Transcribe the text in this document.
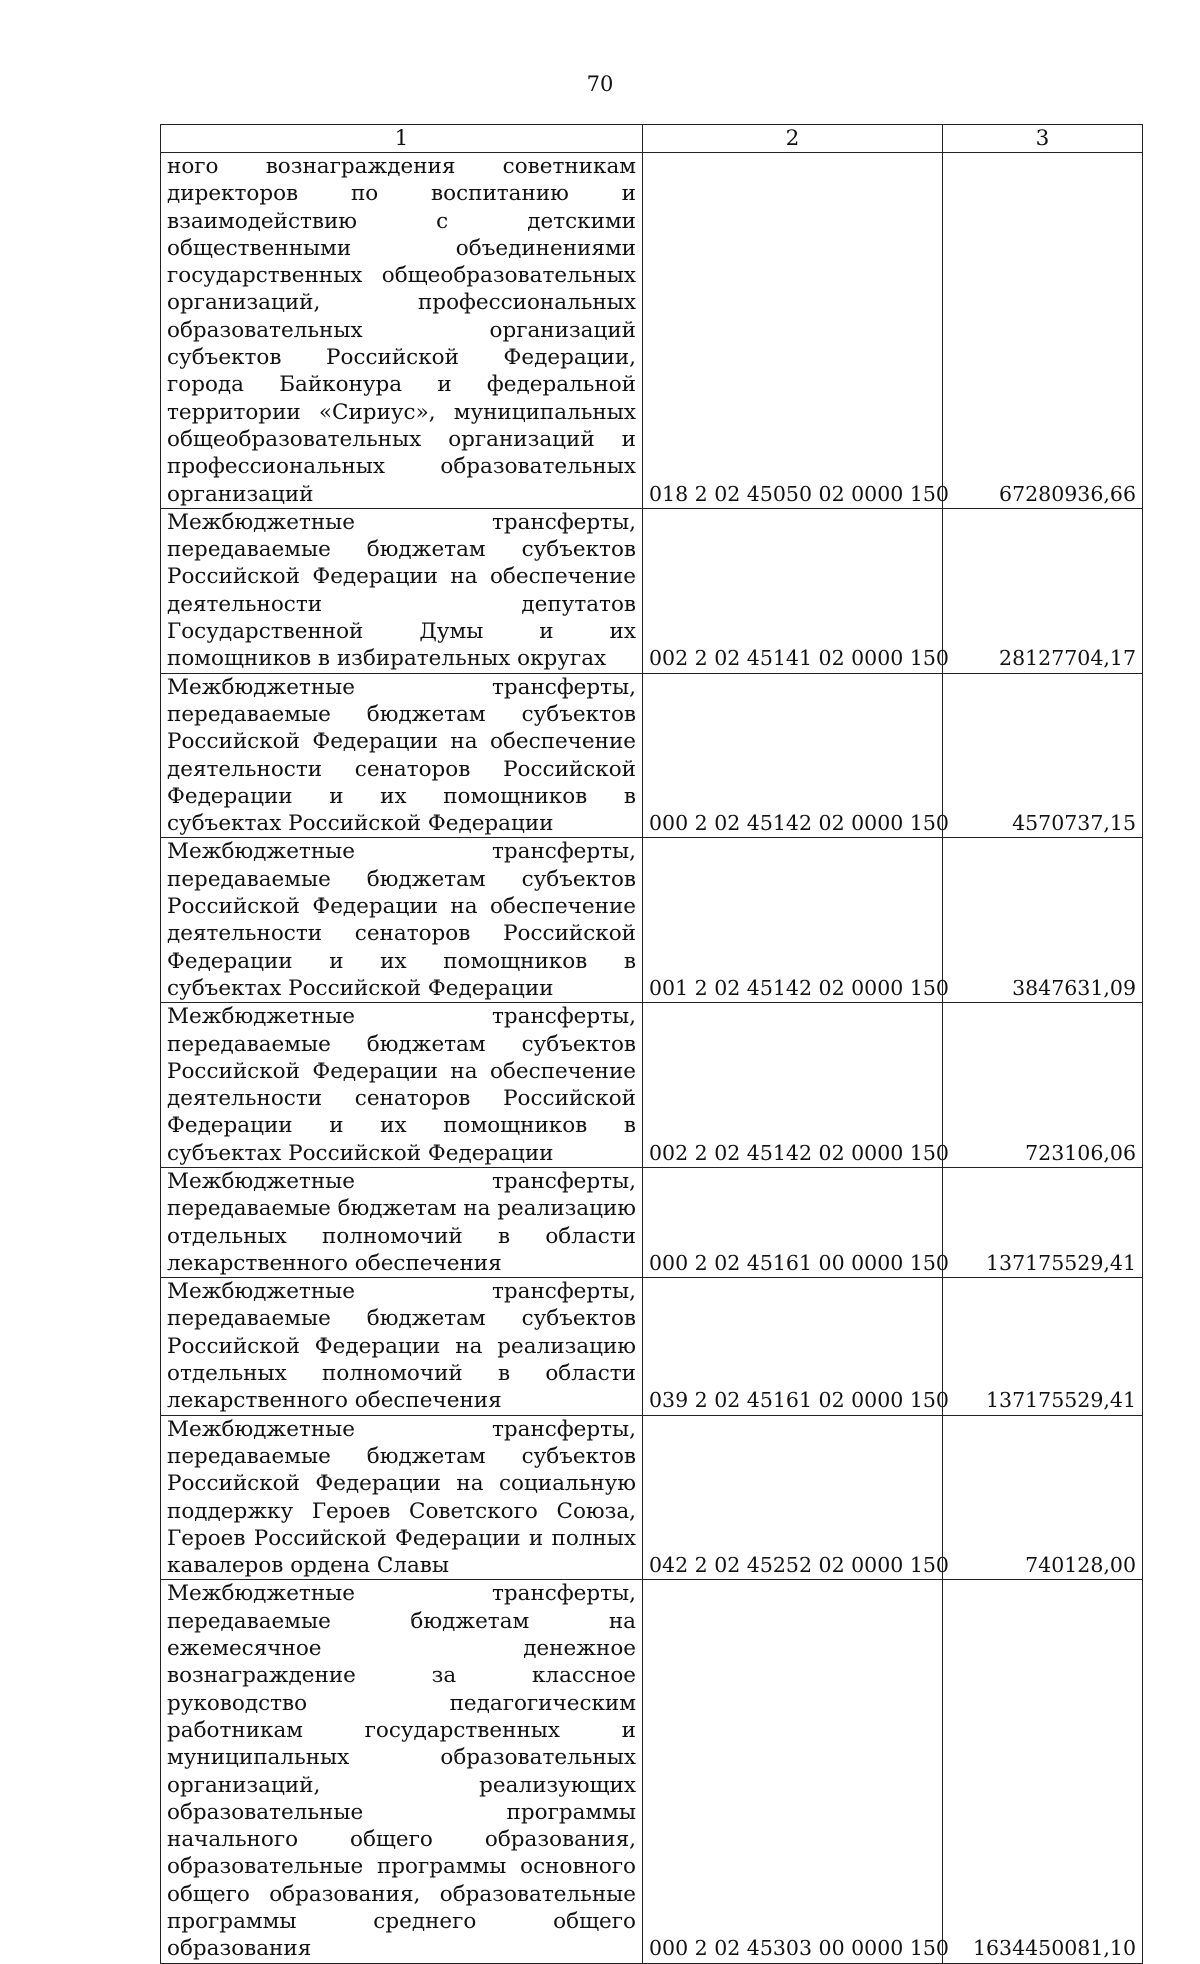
70
1	2	3
ного вознаграждения советникам директоров по воспитанию и взаимодействию с детскими общественными объединениями государственных общеобразовательных организаций, профессиональных образовательных организаций субъектов Российской Федерации, города Байконура и федеральной территории «Сириус», муниципальных общеобразовательных организаций и профессиональных образовательных организаций	018 2 02 45050 02 0000 150	67280936,66
Межбюджетные трансферты, передаваемые бюджетам субъектов Российской Федерации на обеспечение деятельности депутатов Государственной Думы и их помощников в избирательных округах	002 2 02 45141 02 0000 150	28127704,17
Межбюджетные трансферты, передаваемые бюджетам субъектов Российской Федерации на обеспечение деятельности сенаторов Российской Федерации и их помощников в субъектах Российской Федерации	000 2 02 45142 02 0000 150	4570737,15
Межбюджетные трансферты, передаваемые бюджетам субъектов Российской Федерации на обеспечение деятельности сенаторов Российской Федерации и их помощников в субъектах Российской Федерации	001 2 02 45142 02 0000 150	3847631,09
Межбюджетные трансферты, передаваемые бюджетам субъектов Российской Федерации на обеспечение деятельности сенаторов Российской Федерации и их помощников в субъектах Российской Федерации	002 2 02 45142 02 0000 150	723106,06
Межбюджетные трансферты, передаваемые бюджетам на реализацию отдельных полномочий в области лекарственного обеспечения	000 2 02 45161 00 0000 150	137175529,41
Межбюджетные трансферты, передаваемые бюджетам субъектов Российской Федерации на реализацию отдельных полномочий в области лекарственного обеспечения	039 2 02 45161 02 0000 150	137175529,41
Межбюджетные трансферты, передаваемые бюджетам субъектов Российской Федерации на социальную поддержку Героев Советского Союза, Героев Российской Федерации и полных кавалеров ордена Славы	042 2 02 45252 02 0000 150	740128,00
Межбюджетные трансферты, передаваемые бюджетам на ежемесячное денежное вознаграждение за классное руководство педагогическим работникам государственных и муниципальных образовательных организаций, реализующих образовательные программы начального общего образования, образовательные программы основного общего образования, образовательные программы среднего общего образования	000 2 02 45303 00 0000 150	1634450081,10
